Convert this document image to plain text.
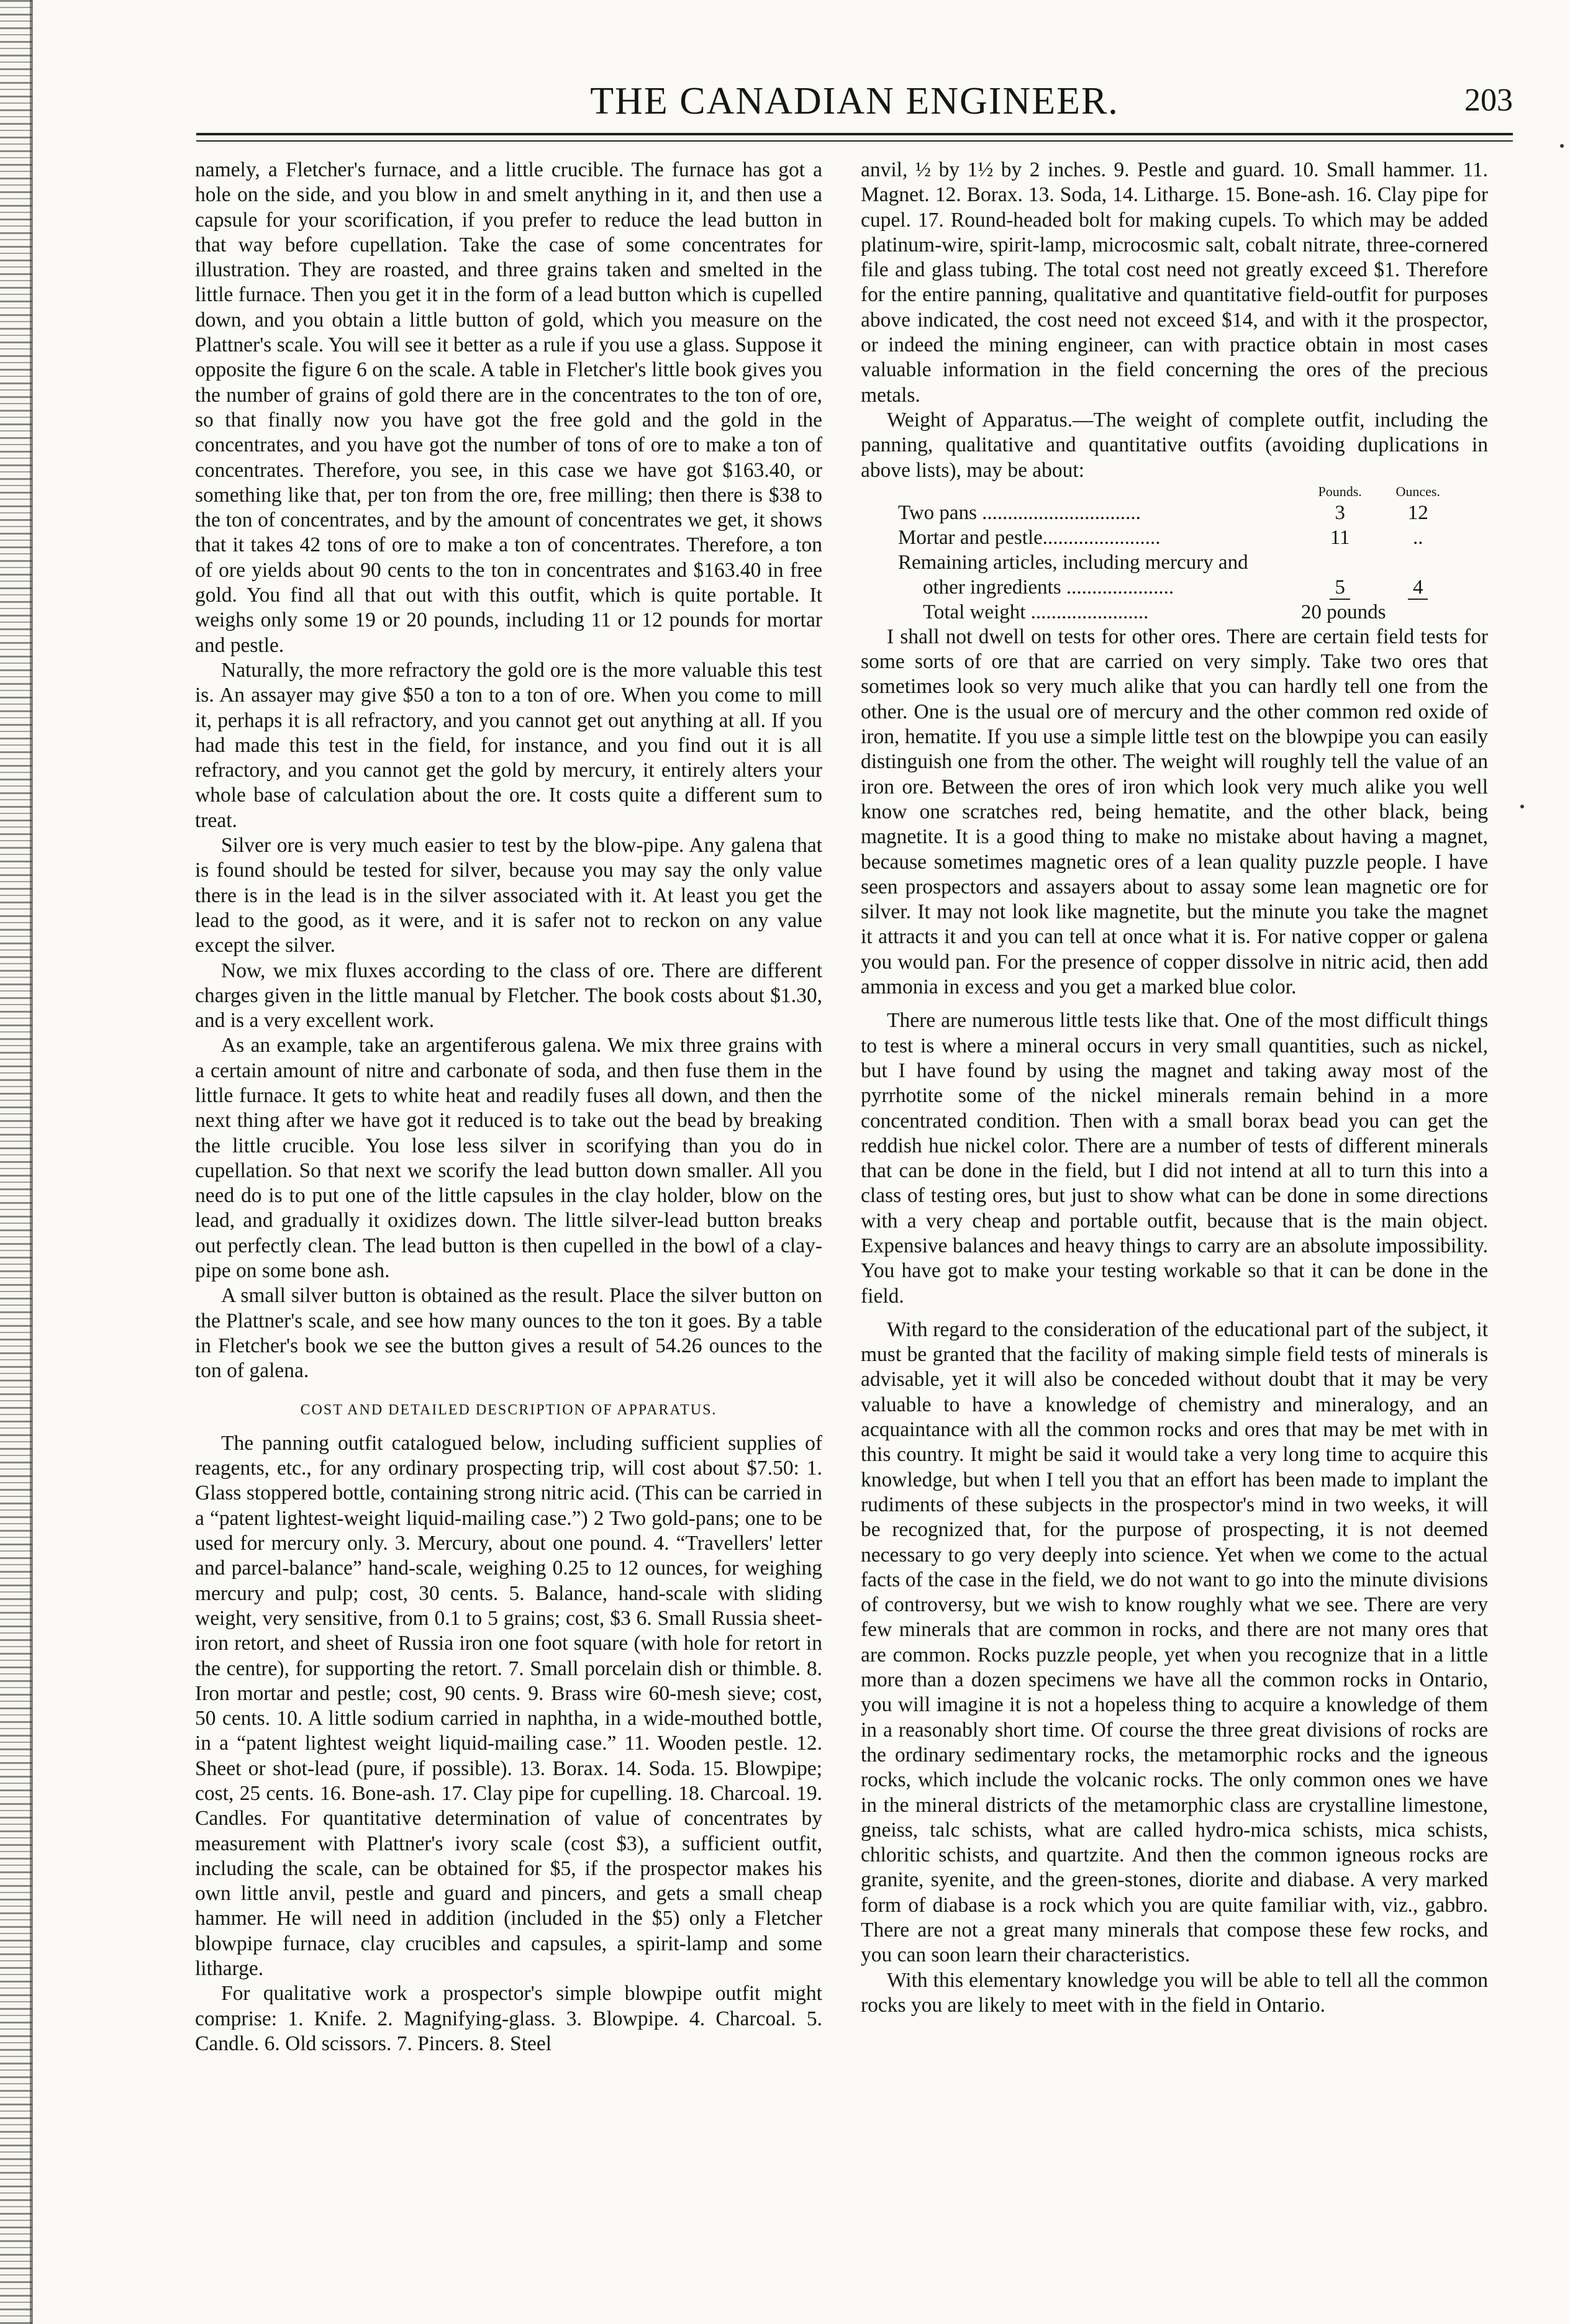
THE CANADIAN ENGINEER.	203

namely, a Fletcher's furnace, and a little crucible. The furnace has got a hole on the side, and you blow in and smelt anything in it, and then use a capsule for your scorification, if you prefer to reduce the lead button in that way before cupellation. Take the case of some concentrates for illustration. They are roasted, and three grains taken and smelted in the little furnace. Then you get it in the form of a lead button which is cupelled down, and you obtain a little button of gold, which you measure on the Plattner's scale. You will see it better as a rule if you use a glass. Suppose it opposite the figure 6 on the scale. A table in Fletcher's little book gives you the number of grains of gold there are in the concentrates to the ton of ore, so that finally now you have got the free gold and the gold in the concentrates, and you have got the number of tons of ore to make a ton of concentrates. Therefore, you see, in this case we have got $163.40, or something like that, per ton from the ore, free milling; then there is $38 to the ton of concentrates, and by the amount of concentrates we get, it shows that it takes 42 tons of ore to make a ton of concentrates. Therefore, a ton of ore yields about 90 cents to the ton in concentrates and $163.40 in free gold. You find all that out with this outfit, which is quite portable. It weighs only some 19 or 20 pounds, including 11 or 12 pounds for mortar and pestle.

Naturally, the more refractory the gold ore is the more valuable this test is. An assayer may give $50 a ton to a ton of ore. When you come to mill it, perhaps it is all refractory, and you cannot get out anything at all. If you had made this test in the field, for instance, and you find out it is all refractory, and you cannot get the gold by mercury, it entirely alters your whole base of calculation about the ore. It costs quite a different sum to treat.

Silver ore is very much easier to test by the blow-pipe. Any galena that is found should be tested for silver, because you may say the only value there is in the lead is in the silver associated with it. At least you get the lead to the good, as it were, and it is safer not to reckon on any value except the silver.

Now, we mix fluxes according to the class of ore. There are different charges given in the little manual by Fletcher. The book costs about $1.30, and is a very excellent work.

As an example, take an argentiferous galena. We mix three grains with a certain amount of nitre and carbonate of soda, and then fuse them in the little furnace. It gets to white heat and readily fuses all down, and then the next thing after we have got it reduced is to take out the bead by breaking the little crucible. You lose less silver in scorifying than you do in cupellation. So that next we scorify the lead button down smaller. All you need do is to put one of the little capsules in the clay holder, blow on the lead, and gradually it oxidizes down. The little silver-lead button breaks out perfectly clean. The lead button is then cupelled in the bowl of a clay-pipe on some bone ash.

A small silver button is obtained as the result. Place the silver button on the Plattner's scale, and see how many ounces to the ton it goes. By a table in Fletcher's book we see the button gives a result of 54.26 ounces to the ton of galena.

COST AND DETAILED DESCRIPTION OF APPARATUS.

The panning outfit catalogued below, including sufficient supplies of reagents, etc., for any ordinary prospecting trip, will cost about $7.50: 1. Glass stoppered bottle, containing strong nitric acid. (This can be carried in a “patent lightest-weight liquid-mailing case.”) 2 Two gold-pans; one to be used for mercury only. 3. Mercury, about one pound. 4. “Travellers' letter and parcel-balance” hand-scale, weighing 0.25 to 12 ounces, for weighing mercury and pulp; cost, 30 cents. 5. Balance, hand-scale with sliding weight, very sensitive, from 0.1 to 5 grains; cost, $3 6. Small Russia sheet-iron retort, and sheet of Russia iron one foot square (with hole for retort in the centre), for supporting the retort. 7. Small porcelain dish or thimble. 8. Iron mortar and pestle; cost, 90 cents. 9. Brass wire 60-mesh sieve; cost, 50 cents. 10. A little sodium carried in naphtha, in a wide-mouthed bottle, in a “patent lightest weight liquid-mailing case.” 11. Wooden pestle. 12. Sheet or shot-lead (pure, if possible). 13. Borax. 14. Soda. 15. Blowpipe; cost, 25 cents. 16. Bone-ash. 17. Clay pipe for cupelling. 18. Charcoal. 19. Candles. For quantitative determination of value of concentrates by measurement with Plattner's ivory scale (cost $3), a sufficient outfit, including the scale, can be obtained for $5, if the prospector makes his own little anvil, pestle and guard and pincers, and gets a small cheap hammer. He will need in addition (included in the $5) only a Fletcher blowpipe furnace, clay crucibles and capsules, a spirit-lamp and some litharge.

For qualitative work a prospector's simple blowpipe outfit might comprise: 1. Knife. 2. Magnifying-glass. 3. Blowpipe. 4. Charcoal. 5. Candle. 6. Old scissors. 7. Pincers. 8. Steel

anvil, ½ by 1½ by 2 inches. 9. Pestle and guard. 10. Small hammer. 11. Magnet. 12. Borax. 13. Soda, 14. Litharge. 15. Bone-ash. 16. Clay pipe for cupel. 17. Round-headed bolt for making cupels. To which may be added platinum-wire, spirit-lamp, microcosmic salt, cobalt nitrate, three-cornered file and glass tubing. The total cost need not greatly exceed $1. Therefore for the entire panning, qualitative and quantitative field-outfit for purposes above indicated, the cost need not exceed $14, and with it the prospector, or indeed the mining engineer, can with practice obtain in most cases valuable information in the field concerning the ores of the precious metals.

Weight of Apparatus.—The weight of complete outfit, including the panning, qualitative and quantitative outfits (avoiding duplications in above lists), may be about:

	Pounds.	Ounces.
Two pans ...............................	3	12
Mortar and pestle.......................	11	..
Remaining articles, including mercury and		
other ingredients .....................	5	4
Total weight .......................	20 pounds	

I shall not dwell on tests for other ores. There are certain field tests for some sorts of ore that are carried on very simply. Take two ores that sometimes look so very much alike that you can hardly tell one from the other. One is the usual ore of mercury and the other common red oxide of iron, hematite. If you use a simple little test on the blowpipe you can easily distinguish one from the other. The weight will roughly tell the value of an iron ore. Between the ores of iron which look very much alike you well know one scratches red, being hematite, and the other black, being magnetite. It is a good thing to make no mistake about having a magnet, because sometimes magnetic ores of a lean quality puzzle people. I have seen prospectors and assayers about to assay some lean magnetic ore for silver. It may not look like magnetite, but the minute you take the magnet it attracts it and you can tell at once what it is. For native copper or galena you would pan. For the presence of copper dissolve in nitric acid, then add ammonia in excess and you get a marked blue color.

There are numerous little tests like that. One of the most difficult things to test is where a mineral occurs in very small quantities, such as nickel, but I have found by using the magnet and taking away most of the pyrrhotite some of the nickel minerals remain behind in a more concentrated condition. Then with a small borax bead you can get the reddish hue nickel color. There are a number of tests of different minerals that can be done in the field, but I did not intend at all to turn this into a class of testing ores, but just to show what can be done in some directions with a very cheap and portable outfit, because that is the main object. Expensive balances and heavy things to carry are an absolute impossibility. You have got to make your testing workable so that it can be done in the field.

With regard to the consideration of the educational part of the subject, it must be granted that the facility of making simple field tests of minerals is advisable, yet it will also be conceded without doubt that it may be very valuable to have a knowledge of chemistry and mineralogy, and an acquaintance with all the common rocks and ores that may be met with in this country. It might be said it would take a very long time to acquire this knowledge, but when I tell you that an effort has been made to implant the rudiments of these subjects in the prospector's mind in two weeks, it will be recognized that, for the purpose of prospecting, it is not deemed necessary to go very deeply into science. Yet when we come to the actual facts of the case in the field, we do not want to go into the minute divisions of controversy, but we wish to know roughly what we see. There are very few minerals that are common in rocks, and there are not many ores that are common. Rocks puzzle people, yet when you recognize that in a little more than a dozen specimens we have all the common rocks in Ontario, you will imagine it is not a hopeless thing to acquire a knowledge of them in a reasonably short time. Of course the three great divisions of rocks are the ordinary sedimentary rocks, the metamorphic rocks and the igneous rocks, which include the volcanic rocks. The only common ones we have in the mineral districts of the metamorphic class are crystalline limestone, gneiss, talc schists, what are called hydro-mica schists, mica schists, chloritic schists, and quartzite. And then the common igneous rocks are granite, syenite, and the green-stones, diorite and diabase. A very marked form of diabase is a rock which you are quite familiar with, viz., gabbro. There are not a great many minerals that compose these few rocks, and you can soon learn their characteristics.

With this elementary knowledge you will be able to tell all the common rocks you are likely to meet with in the field in Ontario.
